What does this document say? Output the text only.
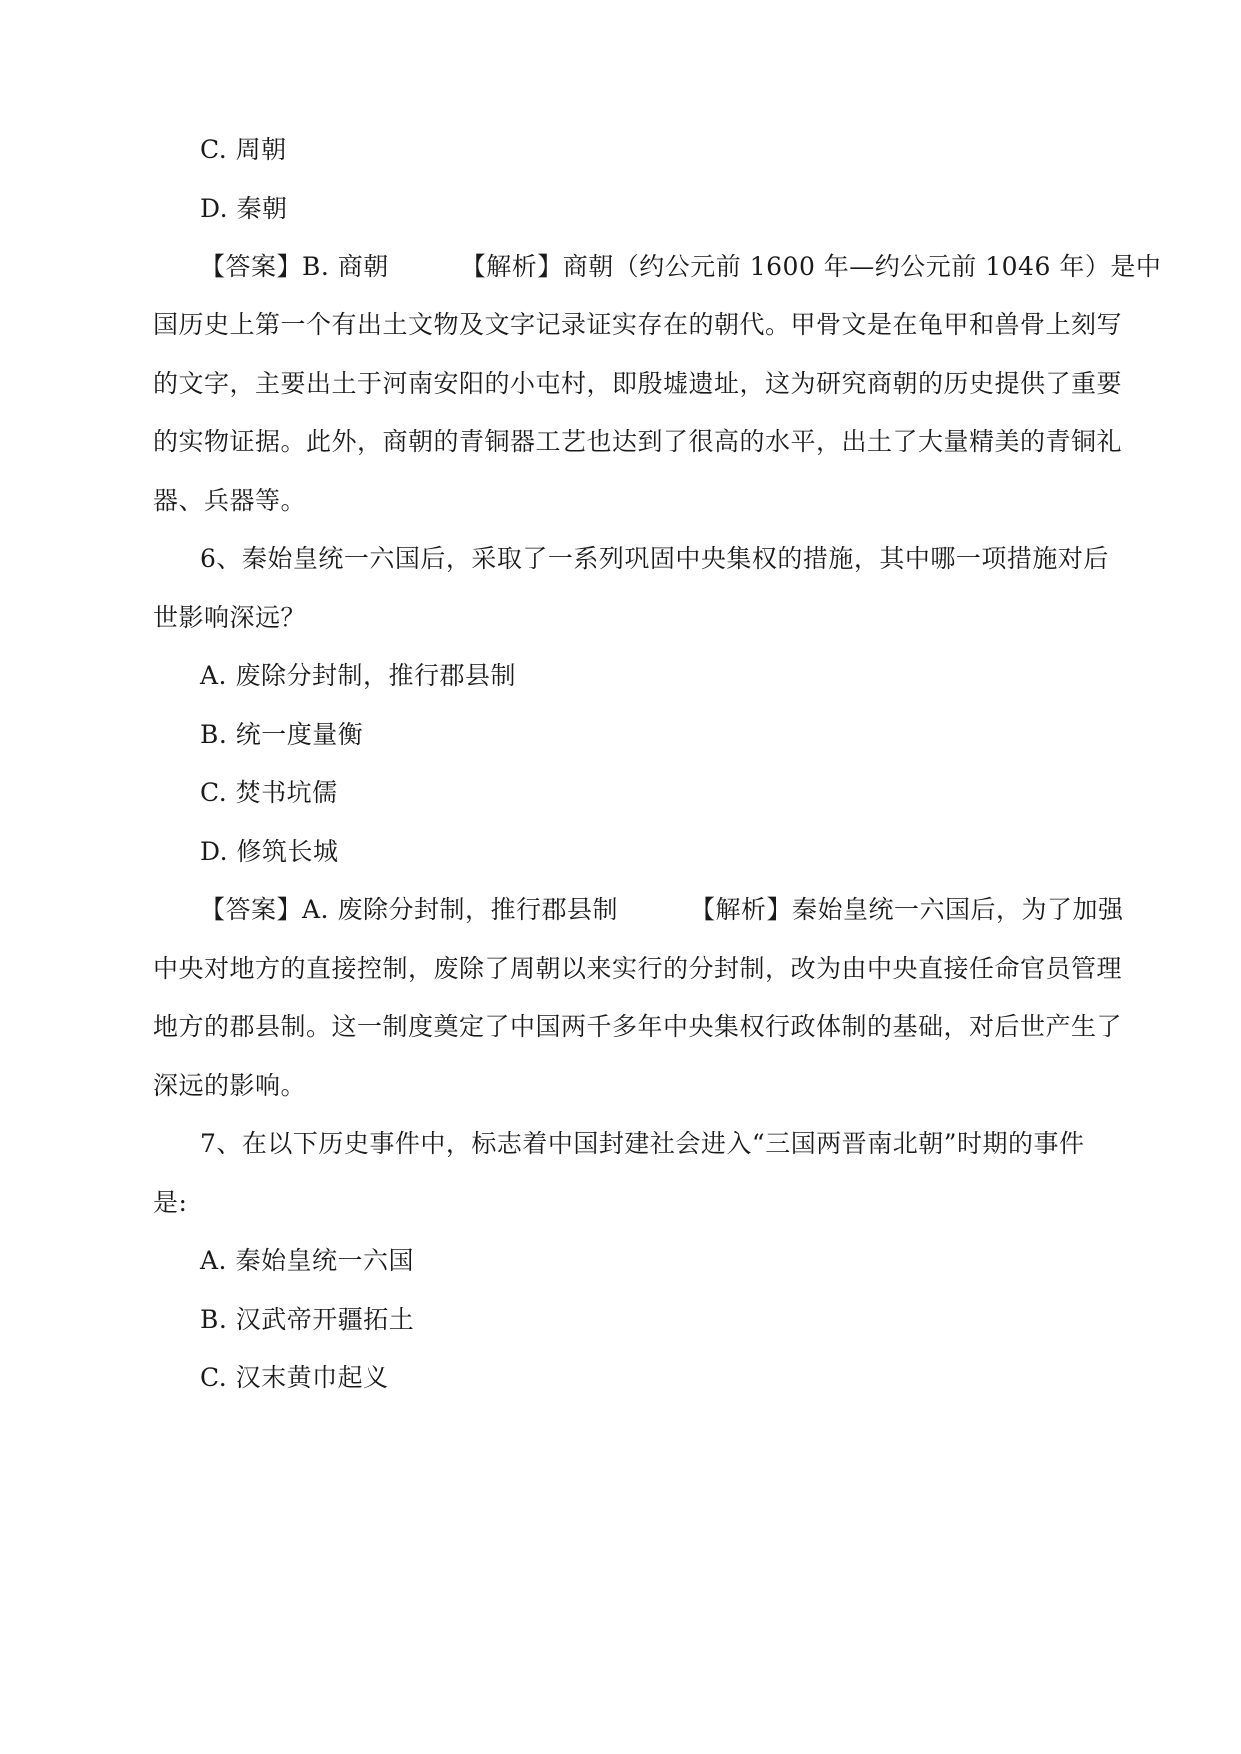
C. 周朝
D. 秦朝
【答案】B. 商朝	【解析】商朝（约公元前 1600 年—约公元前 1046 年）是中
国历史上第一个有出土文物及文字记录证实存在的朝代。甲骨文是在龟甲和兽骨上刻写
的文字，主要出土于河南安阳的小屯村，即殷墟遗址，这为研究商朝的历史提供了重要
的实物证据。此外，商朝的青铜器工艺也达到了很高的水平，出土了大量精美的青铜礼
器、兵器等。
6、秦始皇统一六国后，采取了一系列巩固中央集权的措施，其中哪一项措施对后
世影响深远？
A. 废除分封制，推行郡县制
B. 统一度量衡
C. 焚书坑儒
D. 修筑长城
【答案】A. 废除分封制，推行郡县制	【解析】秦始皇统一六国后，为了加强
中央对地方的直接控制，废除了周朝以来实行的分封制，改为由中央直接任命官员管理
地方的郡县制。这一制度奠定了中国两千多年中央集权行政体制的基础，对后世产生了
深远的影响。
7、在以下历史事件中，标志着中国封建社会进入“三国两晋南北朝”时期的事件
是:
A. 秦始皇统一六国
B. 汉武帝开疆拓土
C. 汉末黄巾起义
